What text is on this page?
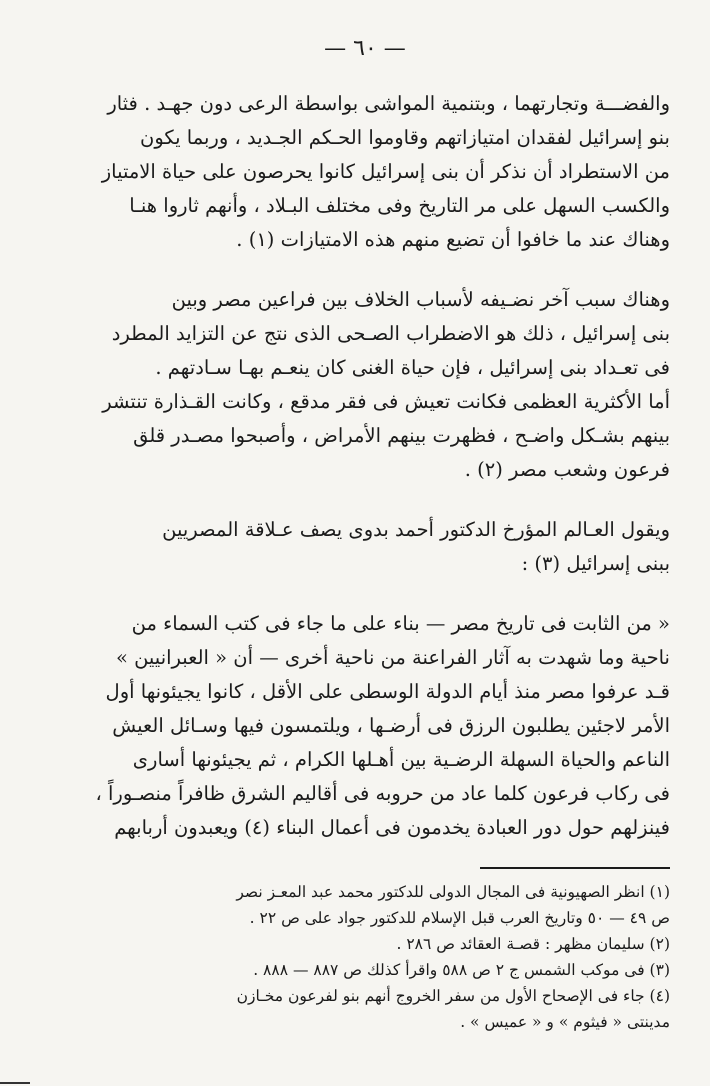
— ٦٠ —

والفضـــة وتجارتهما ، وبتنمية المواشى بواسطة الرعى دون جهـد . فثار

بنو إسرائيل لفقدان امتيازاتهم وقاوموا الحـكم الجـديد ، وربما يكون

من الاستطراد أن نذكر أن بنى إسرائيل كانوا يحرصون على حياة الامتياز

والكسب السهل على مر التاريخ وفى مختلف البـلاد ، وأنهم ثاروا هنـا

وهناك عند ما خافوا أن تضيع منهم هذه الامتيازات (١) .

وهناك سبب آخر نضـيفه لأسباب الخلاف بين فراعين مصر وبين

بنى إسرائيل ، ذلك هو الاضطراب الصـحى الذى نتج عن التزايد المطرد

فى تعـداد بنى إسرائيل ، فإن حياة الغنى كان ينعـم بهـا سـادتهم .

أما الأكثرية العظمى فكانت تعيش فى فقر مدقع ، وكانت القـذارة تنتشر

بينهم بشـكل واضـح ، فظهرت بينهم الأمراض ، وأصبحوا مصـدر قلق

فرعون وشعب مصر (٢) .

ويقول العـالم المؤرخ الدكتور أحمد بدوى يصف عـلاقة المصريين

ببنى إسرائيل (٣) :

« من الثابت فى تاريخ مصر — بناء على ما جاء فى كتب السماء من

ناحية وما شهدت به آثار الفراعنة من ناحية أخرى — أن « العبرانيين »

قـد عرفوا مصر منذ أيام الدولة الوسطى على الأقل ، كانوا يجيئونها أول

الأمر لاجئين يطلبون الرزق فى أرضـها ، ويلتمسون فيها وسـائل العيش

الناعم والحياة السهلة الرضـية بين أهـلها الكرام ، ثم يجيئونها أسارى

فى ركاب فرعون كلما عاد من حروبه فى أقاليم الشرق ظافراً منصـوراً ،

فينزلهم حول دور العبادة يخدمون فى أعمال البناء (٤) ويعبدون أربابهم

(١) انظر الصهيونية فى المجال الدولى للدكتور محمد عبد المعـز نصر

ص ٤٩ — ٥٠ وتاريخ العرب قبل الإسلام للدكتور جواد على ص ٢٢ .

(٢) سليمان مظهر : قصـة العقائد ص ٢٨٦ .

(٣) فى موكب الشمس ج ٢ ص ٥٨٨ واقرأ كذلك ص ٨٨٧ — ٨٨٨ .

(٤) جاء فى الإصحاح الأول من سفر الخروج أنهم بنو لفرعون مخـازن

مدينتى « فيثوم » و « عميس » .
